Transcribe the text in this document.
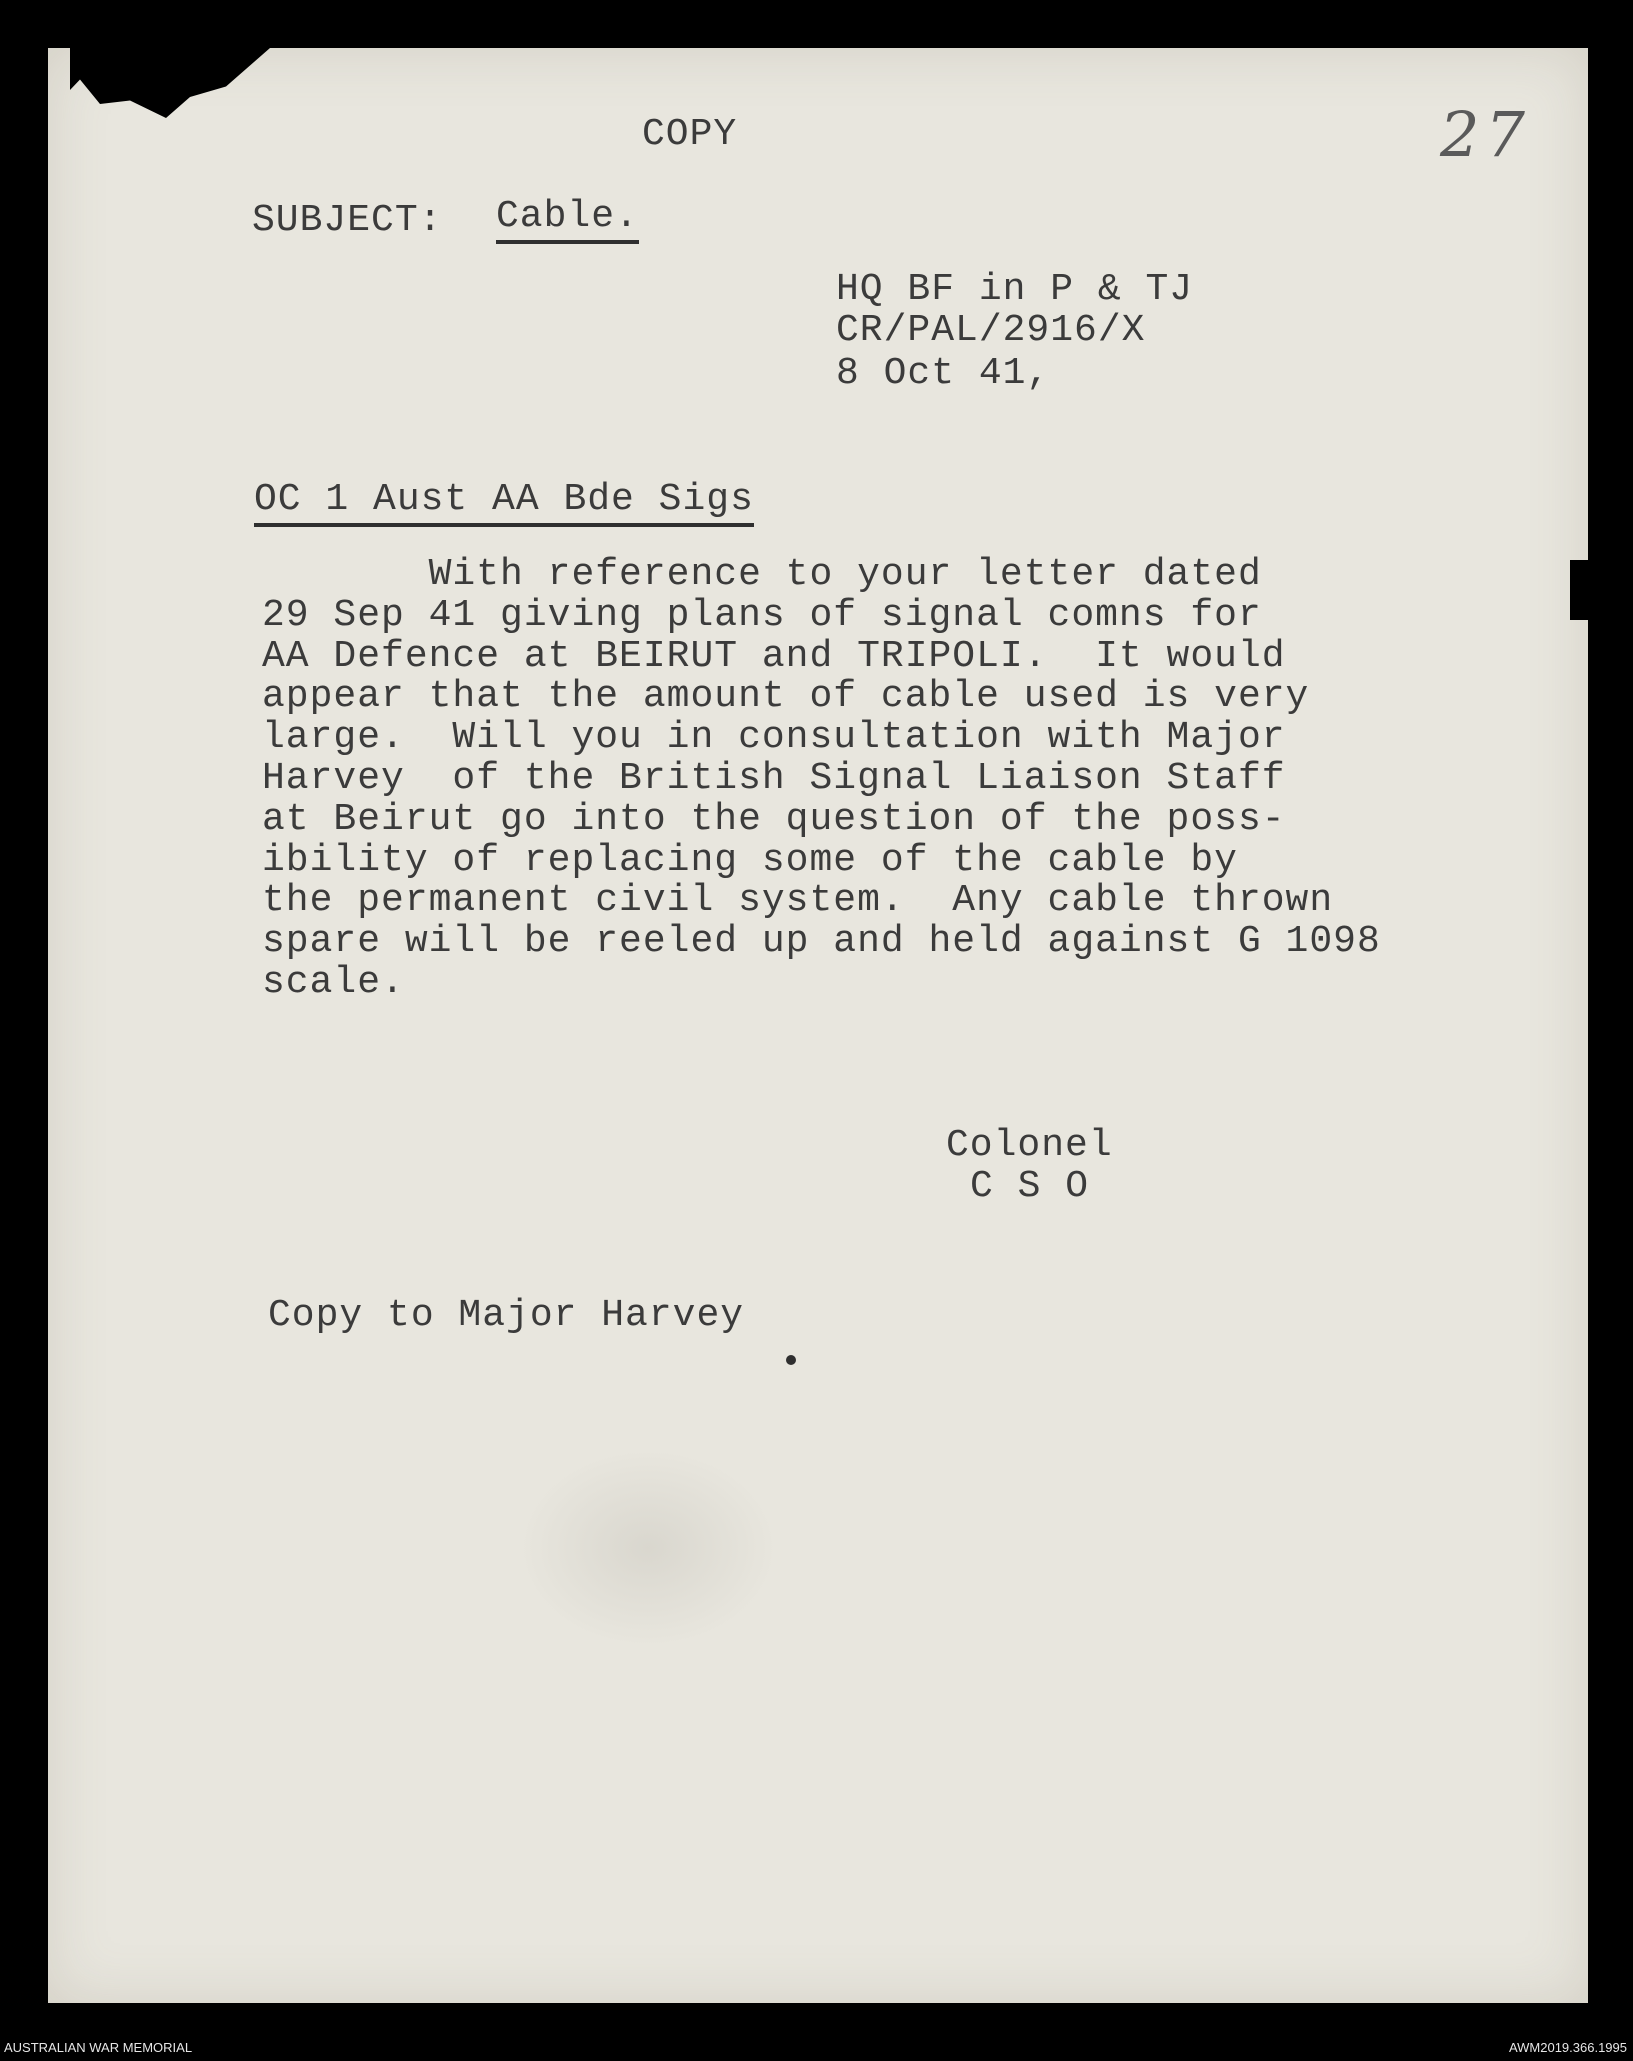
COPY	27
SUBJECT: Cable.
HQ BF in P & TJ
CR/PAL/2916/X
8 Oct 41,
OC 1 Aust AA Bde Sigs
With reference to your letter dated
29 Sep 41 giving plans of signal comns for
AA Defence at BEIRUT and TRIPOLI.  It would
appear that the amount of cable used is very
large.  Will you in consultation with Major
Harvey  of the British Signal Liaison Staff
at Beirut go into the question of the poss-
ibility of replacing some of the cable by
the permanent civil system.  Any cable thrown
spare will be reeled up and held against G 1098
scale.
Colonel
C S O
Copy to Major Harvey
AUSTRALIAN WAR MEMORIAL	AWM2019.366.1995
